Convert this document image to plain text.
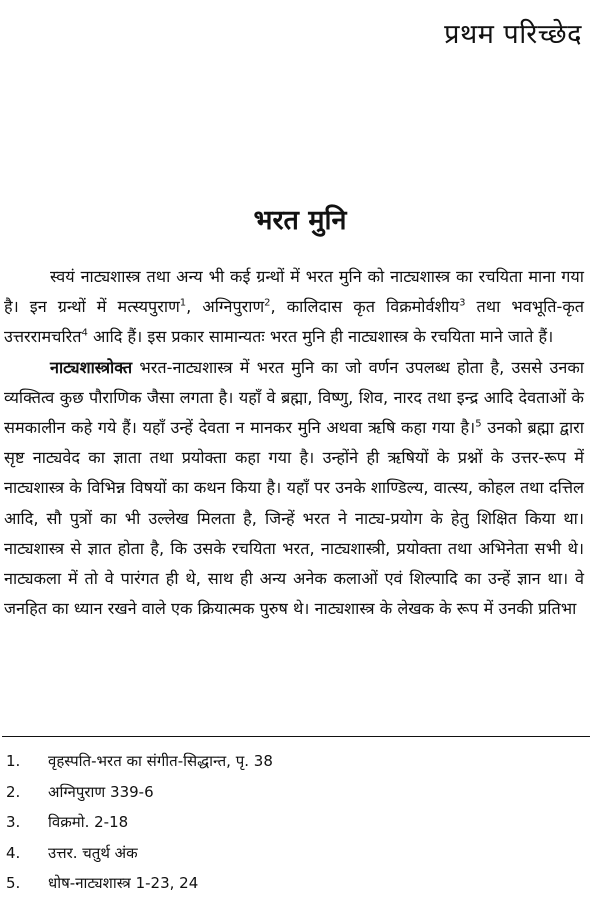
प्रथम परिच्छेद
भरत मुनि

स्वयं नाट्यशास्त्र तथा अन्य भी कई ग्रन्थों में भरत मुनि को नाट्यशास्त्र का रचयिता माना गया है। इन ग्रन्थों में मत्स्यपुराण$^1$, अग्निपुराण$^2$, कालिदास कृत विक्रमोर्वशीय$^3$ तथा भवभूति-कृत उत्तररामचरित$^4$ आदि हैं। इस प्रकार सामान्यतः भरत मुनि ही नाट्यशास्त्र के रचयिता माने जाते हैं।

नाट्यशास्त्रोक्त भरत-नाट्यशास्त्र में भरत मुनि का जो वर्णन उपलब्ध होता है, उससे उनका व्यक्तित्व कुछ पौराणिक जैसा लगता है। यहाँ वे ब्रह्मा, विष्णु, शिव, नारद तथा इन्द्र आदि देवताओं के समकालीन कहे गये हैं। यहाँ उन्हें देवता न मानकर मुनि अथवा ऋषि कहा गया है।$^5$ उनको ब्रह्मा द्वारा सृष्ट नाट्यवेद का ज्ञाता तथा प्रयोक्ता कहा गया है। उन्होंने ही ऋषियों के प्रश्नों के उत्तर-रूप में नाट्यशास्त्र के विभिन्न विषयों का कथन किया है। यहाँ पर उनके शाण्डिल्य, वात्स्य, कोहल तथा दत्तिल आदि, सौ पुत्रों का भी उल्लेख मिलता है, जिन्हें भरत ने नाट्य-प्रयोग के हेतु शिक्षित किया था। नाट्यशास्त्र से ज्ञात होता है, कि उसके रचयिता भरत, नाट्यशास्त्री, प्रयोक्ता तथा अभिनेता सभी थे। नाट्यकला में तो वे पारंगत ही थे, साथ ही अन्य अनेक कलाओं एवं शिल्पादि का उन्हें ज्ञान था। वे जनहित का ध्यान रखने वाले एक क्रियात्मक पुरुष थे। नाट्यशास्त्र के लेखक के रूप में उनकी प्रतिभा

1.	वृहस्पति-भरत का संगीत-सिद्धान्त, पृ. 38
2.	अग्निपुराण 339-6
3.	विक्रमो. 2-18
4.	उत्तर. चतुर्थ अंक
5.	धोष-नाट्यशास्त्र 1-23, 24
